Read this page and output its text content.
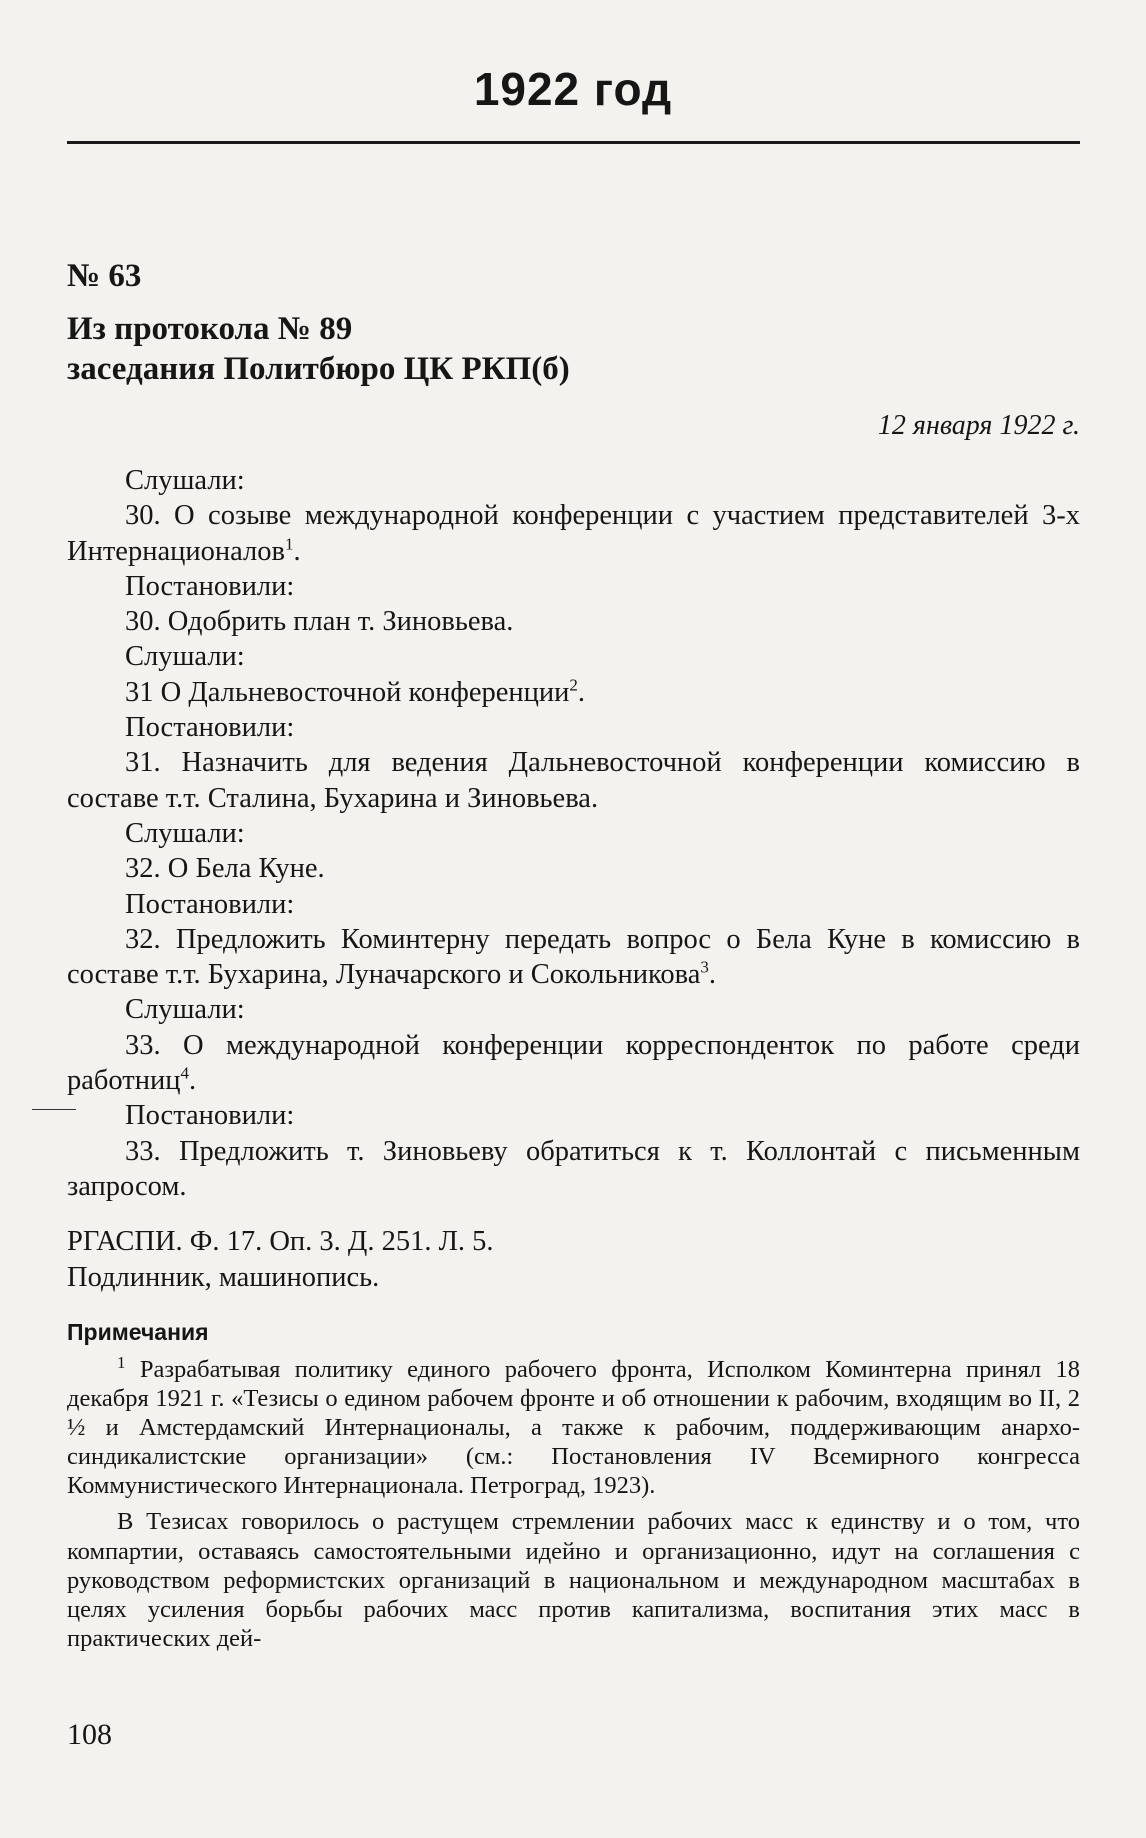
1922 год
№ 63
Из протокола № 89
заседания Политбюро ЦК РКП(б)
12 января 1922 г.

Слушали:

30. О созыве международной конференции с участием представителей 3-х Интернационалов$^1$.

Постановили:

30. Одобрить план т. Зиновьева.

Слушали:

31 О Дальневосточной конференции$^2$.

Постановили:

31. Назначить для ведения Дальневосточной конференции комиссию в составе т.т. Сталина, Бухарина и Зиновьева.

Слушали:

32. О Бела Куне.

Постановили:

32. Предложить Коминтерну передать вопрос о Бела Куне в комиссию в составе т.т. Бухарина, Луначарского и Сокольникова$^3$.

Слушали:

33. О международной конференции корреспонденток по работе среди работниц$^4$.

Постановили:

33. Предложить т. Зиновьеву обратиться к т. Коллонтай с письменным запросом.

РГАСПИ. Ф. 17. Оп. 3. Д. 251. Л. 5.
Подлинник, машинопись.
Примечания

$^1$ Разрабатывая политику единого рабочего фронта, Исполком Коминтерна принял 18 декабря 1921 г. «Тезисы о едином рабочем фронте и об отношении к рабочим, входящим во II, 2 ½ и Амстердамский Интернационалы, а также к рабочим, поддерживающим анархо-синдикалистские организации» (см.: Постановления IV Всемирного конгресса Коммунистического Интернационала. Петроград, 1923).

В Тезисах говорилось о растущем стремлении рабочих масс к единству и о том, что компартии, оставаясь самостоятельными идейно и организационно, идут на соглашения с руководством реформистских организаций в национальном и международном масштабах в целях усиления борьбы рабочих масс против капитализма, воспитания этих масс в практических дей-

108
